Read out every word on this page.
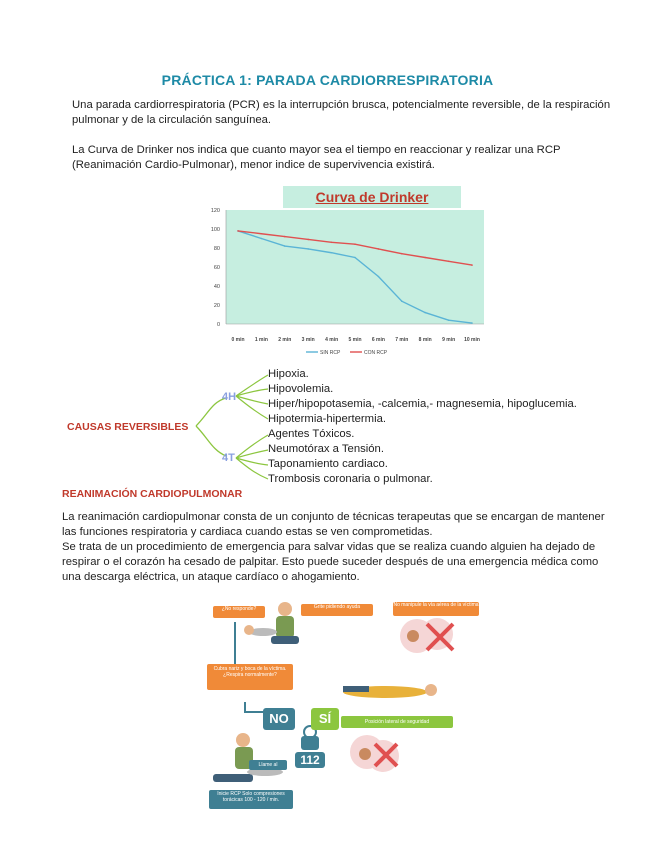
PRÁCTICA 1: PARADA CARDIORRESPIRATORIA
Una parada cardiorrespiratoria (PCR) es la interrupción brusca, potencialmente reversible, de la respiración
pulmonar y de la circulación sanguínea.
La Curva de Drinker nos indica que cuanto mayor sea el tiempo en reaccionar y realizar una RCP
(Reanimación Cardio-Pulmonar), menor indice de supervivencia existirá.
Curva de Drinker
0
20
40
60
80
100
120
0 min 1 min 2 min 3 min 4 min 5 min 6 min 7 min 8 min 9 min 10 min
SIN RCP	CON RCP
CAUSAS REVERSIBLES
4H
4T
Hipoxia.
Hipovolemia.
Hiper/hipopotasemia, -calcemia,- magnesemia, hipoglucemia.
Hipotermia-hipertermia.
Agentes Tóxicos.
Neumotórax a Tensión.
Taponamiento cardiaco.
Trombosis coronaria o pulmonar.
REANIMACIÓN CARDIOPULMONAR
La reanimación cardiopulmonar consta de un conjunto de técnicas terapeutas que se encargan de mantener
las funciones respiratoria y cardiaca cuando estas se ven comprometidas.
Se trata de un procedimiento de emergencia para salvar vidas que se realiza cuando alguien ha dejado de
respirar o el corazón ha cesado de palpitar. Esto puede suceder después de una emergencia médica como
una descarga eléctrica, un ataque cardíaco o ahogamiento.
¿No responde?	Grite pidiendo ayuda	No manipule la vía aérea de la víctima
Cubra nariz y boca de la víctima. ¿Respira normalmente?
NO	SÍ	Posición lateral de seguridad
Llame al	112
Inicie RCP Solo compresiones torácicas 100 - 120 / min.
